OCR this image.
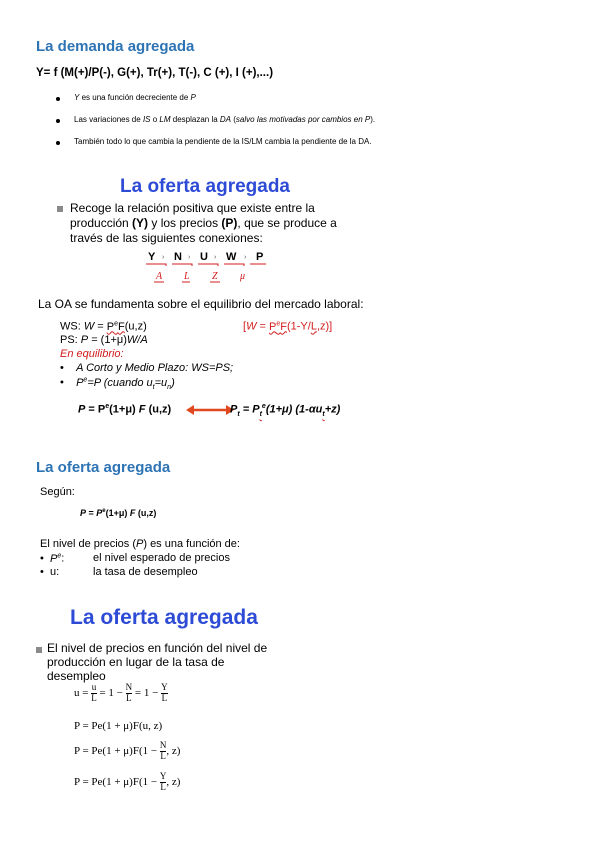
La demanda agregada
Y= f (M(+)/P(-), G(+), Tr(+), T(-), C (+), I (+),...)
Y es una función decreciente de P
Las variaciones de IS o LM desplazan la DA (salvo las motivadas por cambios en P).
También todo lo que cambia la pendiente de la IS/LM cambia la pendiente de la DA.
La oferta agregada
Recoge la relación positiva que existe entre la
producción (Y) y los precios (P), que se produce a
través de las siguientes conexiones:
Y N U W P
›	›	›	›
A L Z μ
La OA se fundamenta sobre el equilibrio del mercado laboral:
WS: $W = P^eF(u,z)$	$[W = P^eF(1-Y/L,z)]$
PS: P = (1+μ)W/A
En equilibrio:
•    A Corto y Medio Plazo: WS=PS;
•    $P^e=P$ (cuando $u_t=u_n$)
$P = P^e(1+\mu)$ F (u,z)	$P_t = P_t^e(1+\mu)$ $(1-\alpha u_t+z)$
La oferta agregada
Según:
$P = P^e(1+\mu)$ F (u,z)
El nivel de precios (P) es una función de:
•  $P^e$:	el nivel esperado de precios
•  u:	la tasa de desempleo
La oferta agregada
El nivel de precios en función del nivel de
producción en lugar de la tasa de
desempleo
$u = \frac{u}{L} = 1 - \frac{N}{L} = 1 - \frac{Y}{L}$
P = Pe(1 + μ)F(u, z)
$P = Pe(1 + \mu)F(1 - \frac{N}{L}$ , z)
$P = Pe(1 + \mu)F(1 - \frac{Y}{L}$ , z)
